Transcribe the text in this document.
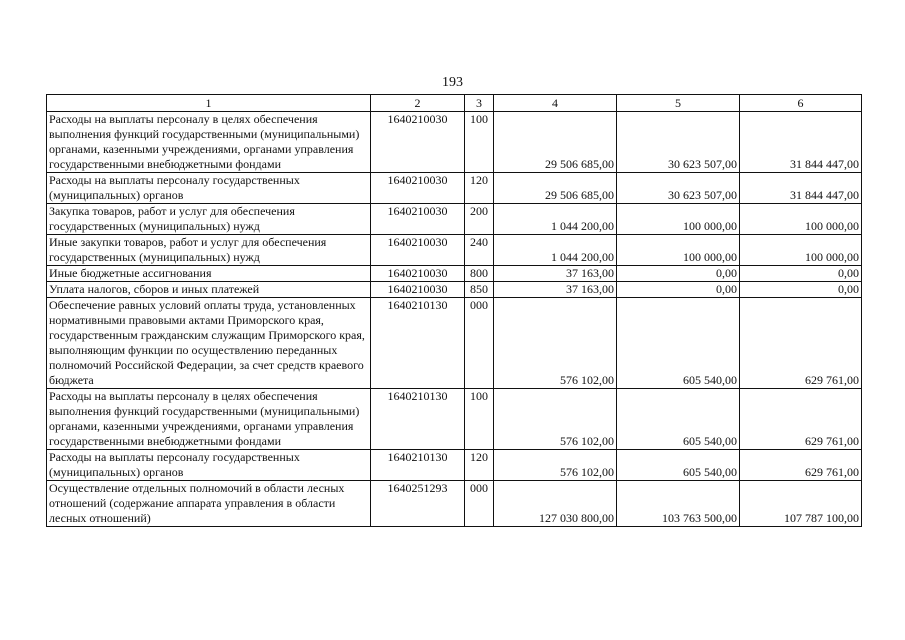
193
1	2	3	4	5	6
Расходы на выплаты персоналу в целях обеспечения выполнения функций государственными (муниципальными) органами, казенными учреждениями, органами управления государственными внебюджетными фондами	1640210030	100	29 506 685,00	30 623 507,00	31 844 447,00
Расходы на выплаты персоналу государственных (муниципальных) органов	1640210030	120	29 506 685,00	30 623 507,00	31 844 447,00
Закупка товаров, работ и услуг для обеспечения государственных (муниципальных) нужд	1640210030	200	1 044 200,00	100 000,00	100 000,00
Иные закупки товаров, работ и услуг для обеспечения государственных (муниципальных) нужд	1640210030	240	1 044 200,00	100 000,00	100 000,00
Иные бюджетные ассигнования	1640210030	800	37 163,00	0,00	0,00
Уплата налогов, сборов и иных платежей	1640210030	850	37 163,00	0,00	0,00
Обеспечение равных условий оплаты труда, установленных нормативными правовыми актами Приморского края, государственным гражданским служащим Приморского края, выполняющим функции по осуществлению переданных полномочий Российской Федерации, за счет средств краевого бюджета	1640210130	000	576 102,00	605 540,00	629 761,00
Расходы на выплаты персоналу в целях обеспечения выполнения функций государственными (муниципальными) органами, казенными учреждениями, органами управления государственными внебюджетными фондами	1640210130	100	576 102,00	605 540,00	629 761,00
Расходы на выплаты персоналу государственных (муниципальных) органов	1640210130	120	576 102,00	605 540,00	629 761,00
Осуществление отдельных полномочий в области лесных отношений (содержание аппарата управления в области лесных отношений)	1640251293	000	127 030 800,00	103 763 500,00	107 787 100,00
